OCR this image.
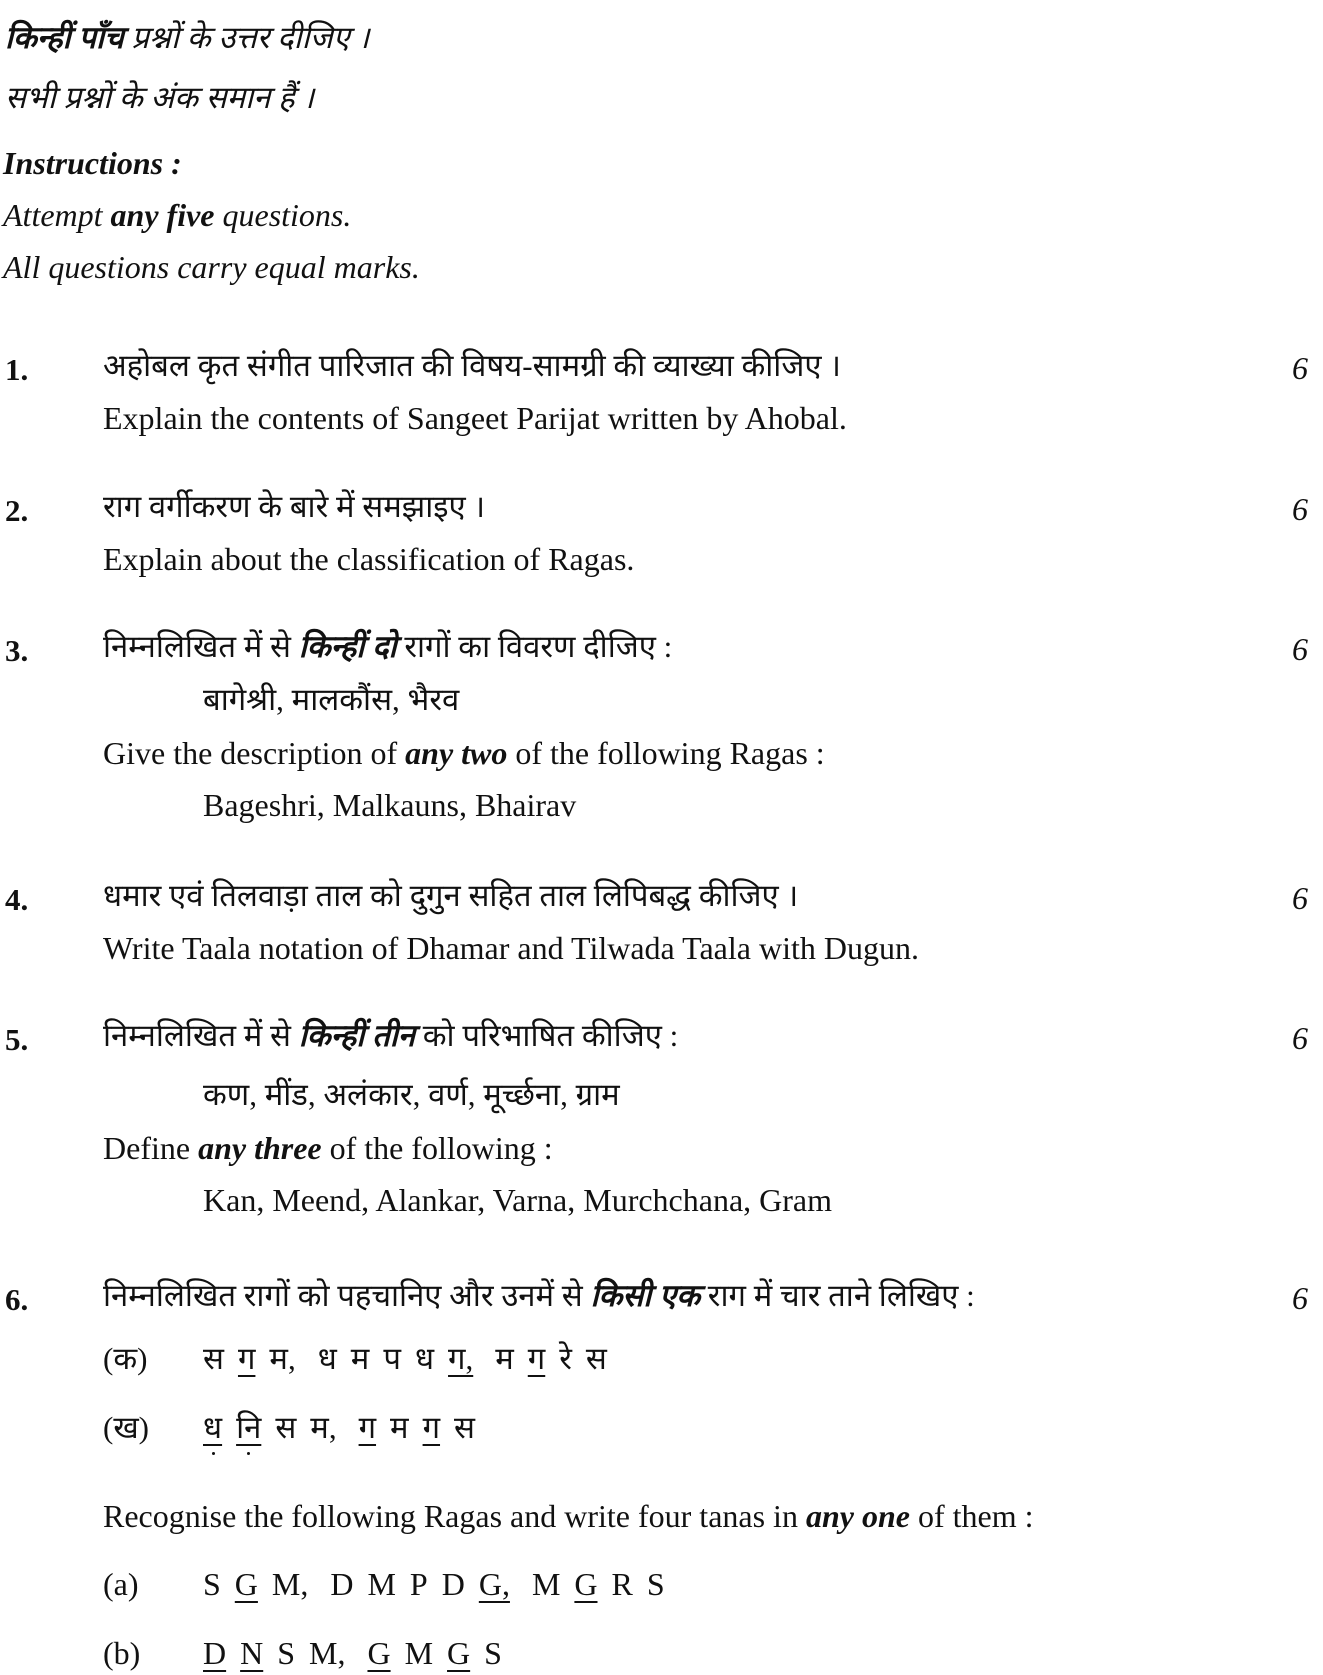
किन्हीं पाँच प्रश्नों के उत्तर दीजिए ।
सभी प्रश्नों के अंक समान हैं ।
Instructions :
Attempt any five questions.
All questions carry equal marks.
1. अहोबल कृत संगीत पारिजात की विषय-सामग्री की व्याख्या कीजिए ।	6
Explain the contents of Sangeet Parijat written by Ahobal.
2. राग वर्गीकरण के बारे में समझाइए ।	6
Explain about the classification of Ragas.
3. निम्नलिखित में से किन्हीं दो रागों का विवरण दीजिए :	6
बागेश्री, मालकौंस, भैरव
Give the description of any two of the following Ragas :
Bageshri, Malkauns, Bhairav
4. धमार एवं तिलवाड़ा ताल को दुगुन सहित ताल लिपिबद्ध कीजिए ।	6
Write Taala notation of Dhamar and Tilwada Taala with Dugun.
5. निम्नलिखित में से किन्हीं तीन को परिभाषित कीजिए :	6
कण, मींड, अलंकार, वर्ण, मूर्च्छना, ग्राम
Define any three of the following :
Kan, Meend, Alankar, Varna, Murchchana, Gram
6. निम्नलिखित रागों को पहचानिए और उनमें से किसी एक राग में चार ताने लिखिए :	6
(क) स ग म, ध म प ध ग, म ग रे स
(ख) ध नि स म, ग म ग स
Recognise the following Ragas and write four tanas in any one of them :
(a) S G M, D M P D G, M G R S
(b) D N S M, G M G S
